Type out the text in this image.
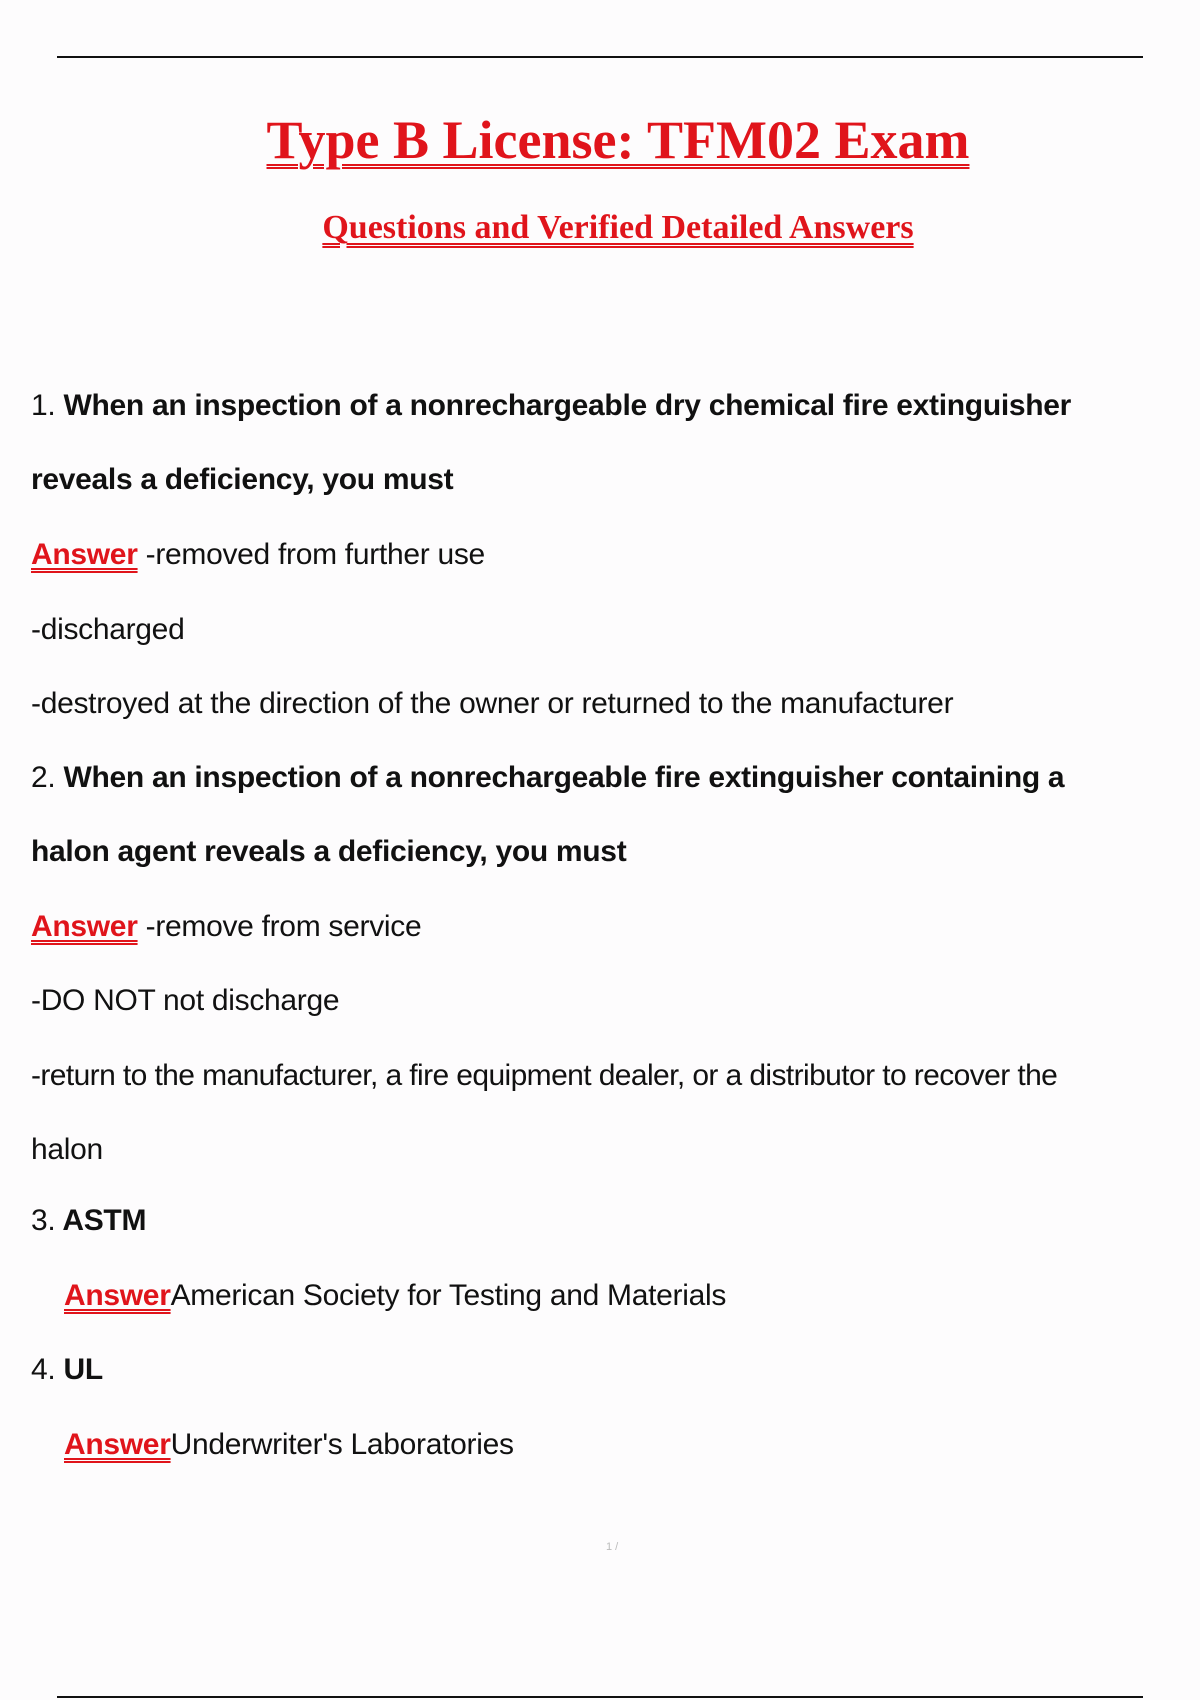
Type B License: TFM02 Exam
Questions and Verified Detailed Answers
1. When an inspection of a nonrechargeable dry chemical fire extinguisher
reveals a deficiency, you must
Answer -removed from further use
-discharged
-destroyed at the direction of the owner or returned to the manufacturer
2. When an inspection of a nonrechargeable fire extinguisher containing a
halon agent reveals a deficiency, you must
Answer -remove from service
-DO NOT not discharge
-return to the manufacturer, a fire equipment dealer, or a distributor to recover the
halon
3. ASTM
AnswerAmerican Society for Testing and Materials
4. UL
AnswerUnderwriter's Laboratories
1 /
